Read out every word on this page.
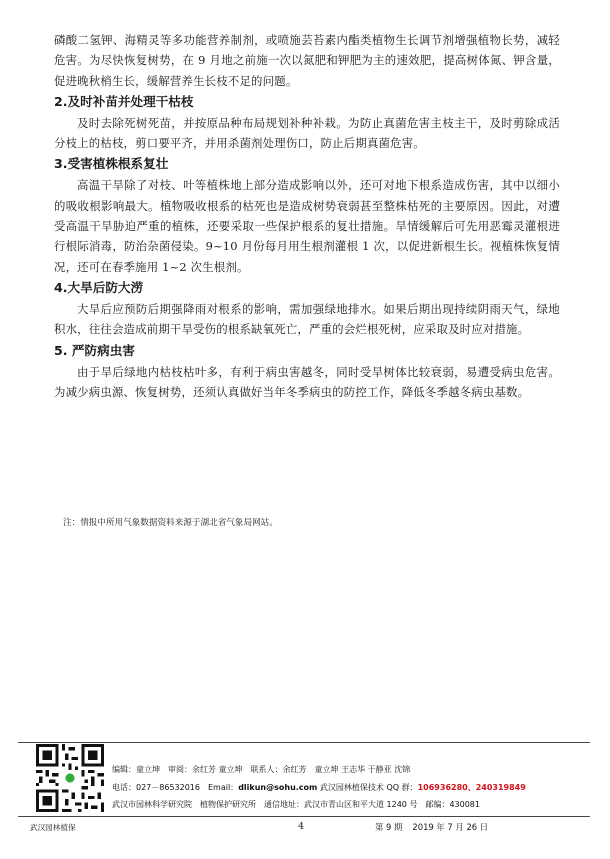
磷酸二氢钾、海精灵等多功能营养制剂，或喷施芸苔素内酯类植物生长调节剂增强植物长势，减轻危害。为尽快恢复树势，在 9 月地之前施一次以氮肥和钾肥为主的速效肥，提高树体氮、钾含量，促进晚秋梢生长，缓解营养生长枝不足的问题。

2.及时补苗并处理干枯枝

及时去除死树死苗，并按原品种布局规划补种补栽。为防止真菌危害主枝主干，及时剪除成活分枝上的枯枝，剪口要平齐，并用杀菌剂处理伤口，防止后期真菌危害。

3.受害植株根系复壮

高温干旱除了对枝、叶等植株地上部分造成影响以外，还可对地下根系造成伤害，其中以细小的吸收根影响最大。植物吸收根系的枯死也是造成树势衰弱甚至整株枯死的主要原因。因此，对遭受高温干旱胁迫严重的植株，还要采取一些保护根系的复壮措施。旱情缓解后可先用恶霉灵灌根进行根际消毒，防治杂菌侵染。9~10 月份每月用生根剂灌根 1 次，以促进新根生长。视植株恢复情况，还可在春季施用 1~2 次生根剂。

4.大旱后防大涝

大旱后应预防后期强降雨对根系的影响，需加强绿地排水。如果后期出现持续阴雨天气，绿地积水，往往会造成前期干旱受伤的根系缺氧死亡，严重的会烂根死树，应采取及时应对措施。

5. 严防病虫害

由于旱后绿地内枯枝枯叶多，有利于病虫害越冬，同时受旱树体比较衰弱，易遭受病虫危害。为减少病虫源、恢复树势，还须认真做好当年冬季病虫的防控工作，降低冬季越冬病虫基数。

注：情报中所用气象数据资料来源于湖北省气象局网站。
武汉园林植保
编辑：童立坤　审阅：余红芳 童立坤　联系人：余红芳　童立坤 王志华 于静亚 沈锦
电话：027－86532016　Email：dlikun@sohu.com 武汉园林植保技术 QQ 群：106936280、240319849
武汉市园林科学研究院　植物保护研究所　通信地址：武汉市青山区和平大道 1240 号　邮编：430081
4	第 9 期 2019 年 7 月 26 日
